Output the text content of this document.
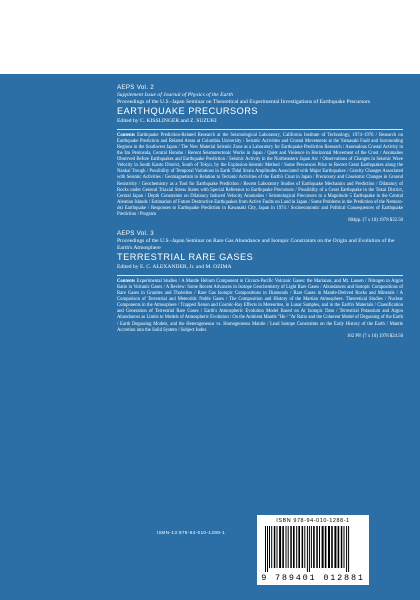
AEPS Vol. 2
Supplement Issue of Journal of Physics of the Earth
Proceedings of the U.S.-Japan Seminar on Theoretical and Experimental Investigations of Earthquake Precursors
EARTHQUAKE PRECURSORS
Edited by C. KISSLINGER and Z. SUZUKI
Contents Earthquake Prediction-Related Research at the Seismological Laboratory, California Institute of Technology, 1974–1976 / Research on Earthquake Prediction and Related Areas at Columbia University / Seismic Activities and Crustal Movements at the Yamasaki Fault and Surrounding Regions in the Southwest Japan / The New Material Seismic Zone as a Laboratory for Earthquake Prediction Research / Anomalous Crustal Activity in the Izu Peninsula, Central Honshu / Recent Seismotectonic Works in Japan / Quiet and Violence in Horizontal Movement of the Crust / Anomalies Observed Before Earthquakes and Earthquake Prediction / Seismic Activity in the Northeastern Japan Arc / Observations of Changes in Seismic Wave Velocity in South Kanto District, South of Tokyo, by the Explosion-Seismic Method / Some Precursors Prior to Recent Great Earthquakes along the Nankai Trough / Possibility of Temporal Variations in Earth Tidal Strain Amplitudes Associated with Major Earthquakes / Gravity Changes Associated with Seismic Activities / Geomagnetism in Relation to Tectonic Activities of the Earth's Crust in Japan / Precursory and Coseismic Changes in Ground Resistivity / Geochemistry as a Tool for Earthquake Prediction / Recent Laboratory Studies of Earthquake Mechanics and Prediction / Dilatancy of Rocks under General Triaxial Stress States with Special Reference to Earthquake Precursors / Possibility of a Great Earthquake in the Tokai District, Central Japan / Depth Constraints on Dilatancy Induced Velocity Anomalies / Seismological Precursors to a Magnitude 5 Earthquake in the Central Aleutian Islands / Estimation of Future Destructive Earthquakes from Active Faults on Land in Japan / Some Problems in the Prediction of the Nemuro-oki Earthquake / Responses to Earthquake Prediction in Kawasaki City, Japan in 1974 / Socioeconomic and Political Consequences of Earthquake Prediction / Program
804pp. (7 x 10) 1978 $32.50
AEPS Vol. 3
Proceedings of the U.S.-Japan Seminar on Rare Gas Abundance and Isotopic Constraints on the Origin and Evolution of the Earth's Atmosphere
TERRESTRIAL RARE GASES
Edited by E. C. ALEXANDER, Jr. and M. OZIMA
Contents Experimental Studies / A Mantle Helium Component in Circum-Pacific Volcanic Gases: the Marianas, and Mt. Lassen / Nitrogen to Argon Ratio in Volcanic Gases / A Review: Some Recent Advances in Isotope Geochemistry of Light Rare Gases / Abundances and Isotopic Compositions of Rare Gases in Granites and Tholeiites / Rare Gas Isotopic Compositions in Diamonds / Rare Gases in Mantle-Derived Rocks and Minerals / A Comparison of Terrestrial and Meteoritic Noble Gases / The Composition and History of the Martian Atmosphere. Theoretical Studies / Nuclear Components in the Atmosphere / Trapped Xenon and Cosmic-Ray Effects in Meteorites, in Lunar Samples, and in the Earth's Materials / Classification and Generation of Terrestrial Rare Gases / Earth's Atmospheric Evolution Model Based on Ar Isotopic Data / Terrestrial Potassium and Argon Abundances as Limits to Models of Atmospheric Evolution / On the Ambient Mantle "He / "Ar Ratio and the Coherent Model of Degassing of the Earth / Earth Degassing Models, and the Heterogeneous vs. Homogeneous Mantle / Lead Isotope Constraints on the Early History of the Earth / Mantle Accretion into the Solid System / Subject Index
162 PP. (7 x 10) 1978 $24.50
ISBN-13:978-94-010-1288-1
ISBN 978-94-010-1288-1
9 789401 012881
